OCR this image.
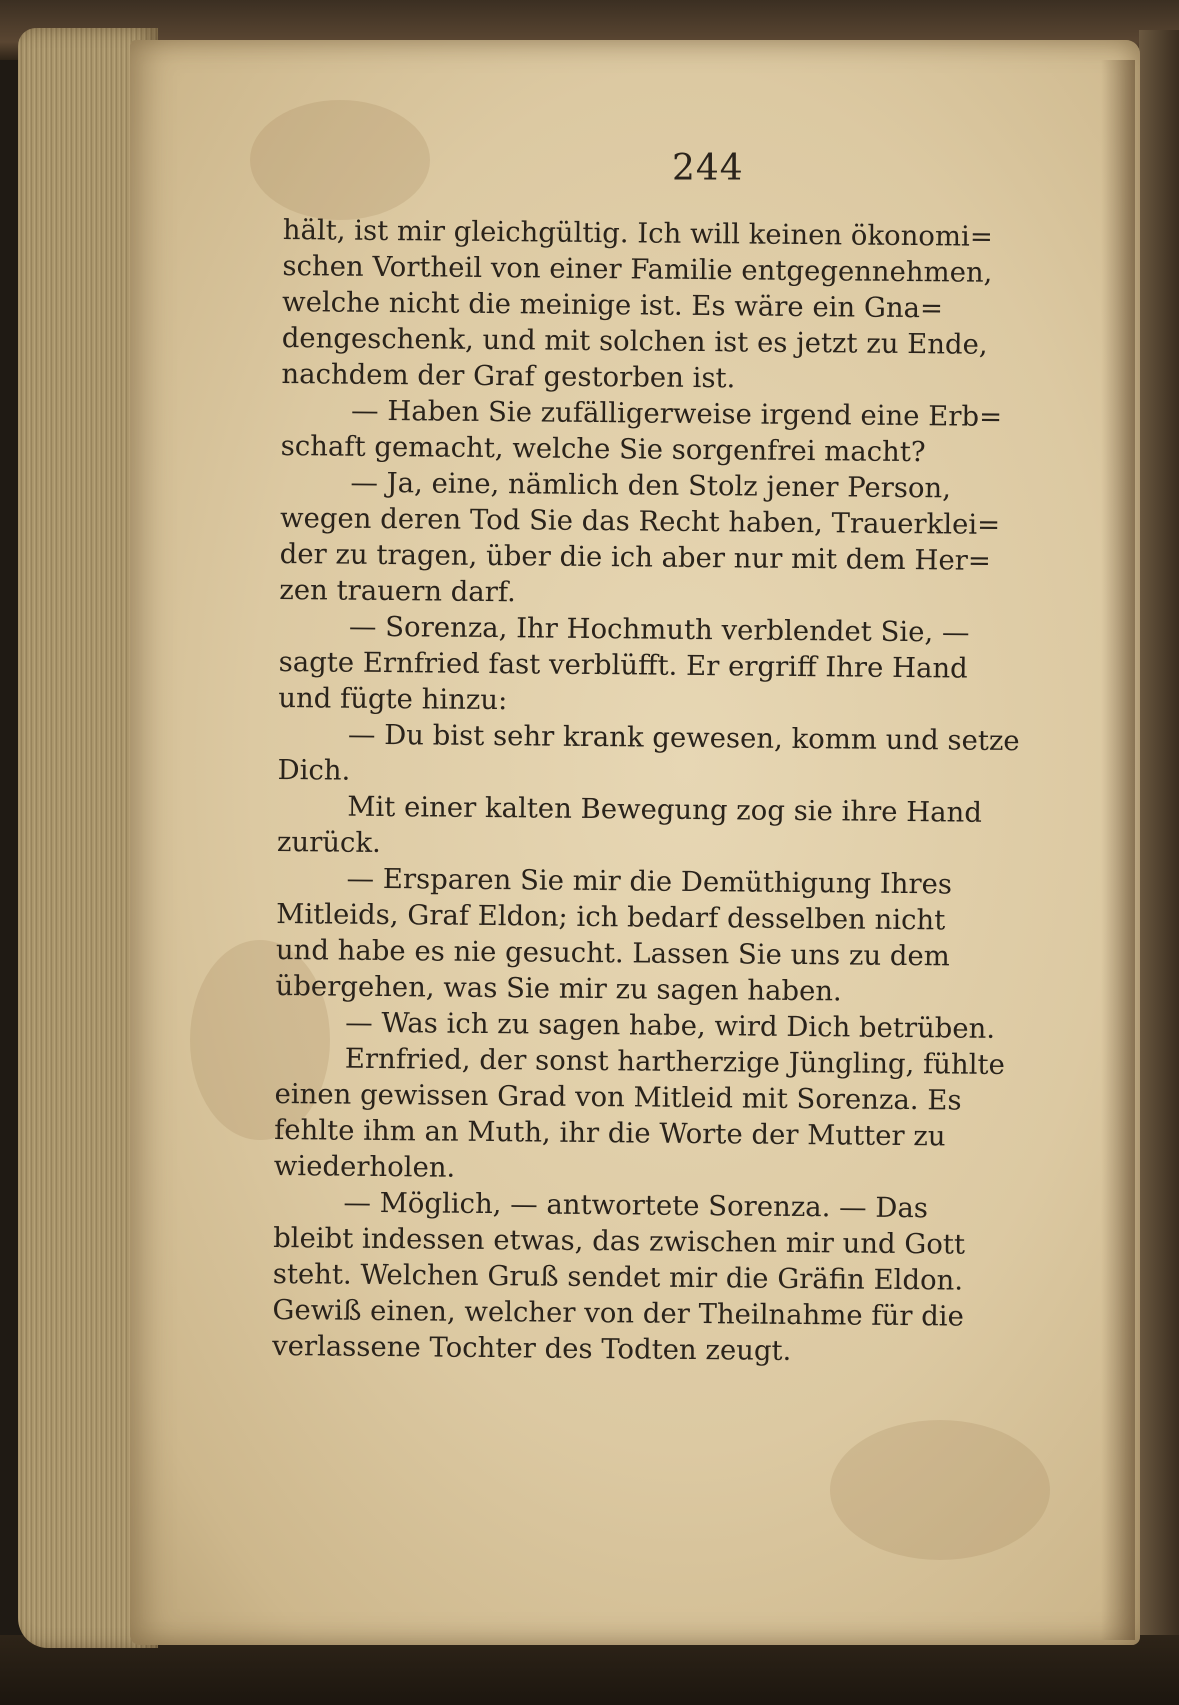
244
hält, ist mir gleichgültig. Ich will keinen ökonomi=
schen Vortheil von einer Familie entgegennehmen,
welche nicht die meinige ist. Es wäre ein Gna=
dengeschenk, und mit solchen ist es jetzt zu Ende,
nachdem der Graf gestorben ist.
— Haben Sie zufälligerweise irgend eine Erb=
schaft gemacht, welche Sie sorgenfrei macht?
— Ja, eine, nämlich den Stolz jener Person,
wegen deren Tod Sie das Recht haben, Trauerklei=
der zu tragen, über die ich aber nur mit dem Her=
zen trauern darf.
— Sorenza, Ihr Hochmuth verblendet Sie, —
sagte Ernfried fast verblüfft. Er ergriff Ihre Hand
und fügte hinzu:
— Du bist sehr krank gewesen, komm und setze
Dich.
Mit einer kalten Bewegung zog sie ihre Hand
zurück.
— Ersparen Sie mir die Demüthigung Ihres
Mitleids, Graf Eldon; ich bedarf desselben nicht
und habe es nie gesucht. Lassen Sie uns zu dem
übergehen, was Sie mir zu sagen haben.
— Was ich zu sagen habe, wird Dich betrüben.
Ernfried, der sonst hartherzige Jüngling, fühlte
einen gewissen Grad von Mitleid mit Sorenza. Es
fehlte ihm an Muth, ihr die Worte der Mutter zu
wiederholen.
— Möglich, — antwortete Sorenza. — Das
bleibt indessen etwas, das zwischen mir und Gott
steht. Welchen Gruß sendet mir die Gräfin Eldon.
Gewiß einen, welcher von der Theilnahme für die
verlassene Tochter des Todten zeugt.
